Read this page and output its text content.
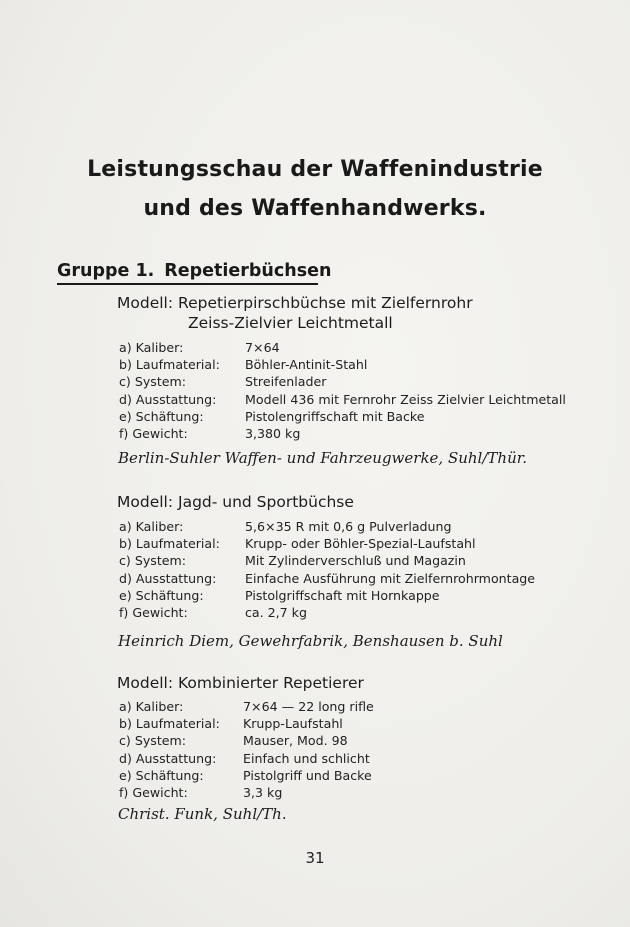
Leistungsschau der Waffenindustrie
und des Waffenhandwerks.
Gruppe 1. Repetierbüchsen
Modell: Repetierpirschbüchse mit Zielfernrohr
Zeiss-Zielvier Leichtmetall
a) Kaliber:	7×64
b) Laufmaterial: Böhler-Antinit-Stahl
c) System:	Streifenlader
d) Ausstattung: Modell 436 mit Fernrohr Zeiss Zielvier Leichtmetall
e) Schäftung:	Pistolengriffschaft mit Backe
f) Gewicht:	3,380 kg
Berlin-Suhler Waffen- und Fahrzeugwerke, Suhl/Thür.
Modell: Jagd- und Sportbüchse
a) Kaliber:	5,6×35 R mit 0,6 g Pulverladung
b) Laufmaterial: Krupp- oder Böhler-Spezial-Laufstahl
c) System:	Mit Zylinderverschluß und Magazin
d) Ausstattung: Einfache Ausführung mit Zielfernrohrmontage
e) Schäftung:	Pistolgriffschaft mit Hornkappe
f) Gewicht:	ca. 2,7 kg
Heinrich Diem, Gewehrfabrik, Benshausen b. Suhl
Modell: Kombinierter Repetierer
a) Kaliber:	7×64 — 22 long rifle
b) Laufmaterial: Krupp-Laufstahl
c) System:	Mauser, Mod. 98
d) Ausstattung: Einfach und schlicht
e) Schäftung:	Pistolgriff und Backe
f) Gewicht:	3,3 kg
Christ. Funk, Suhl/Th.
31
